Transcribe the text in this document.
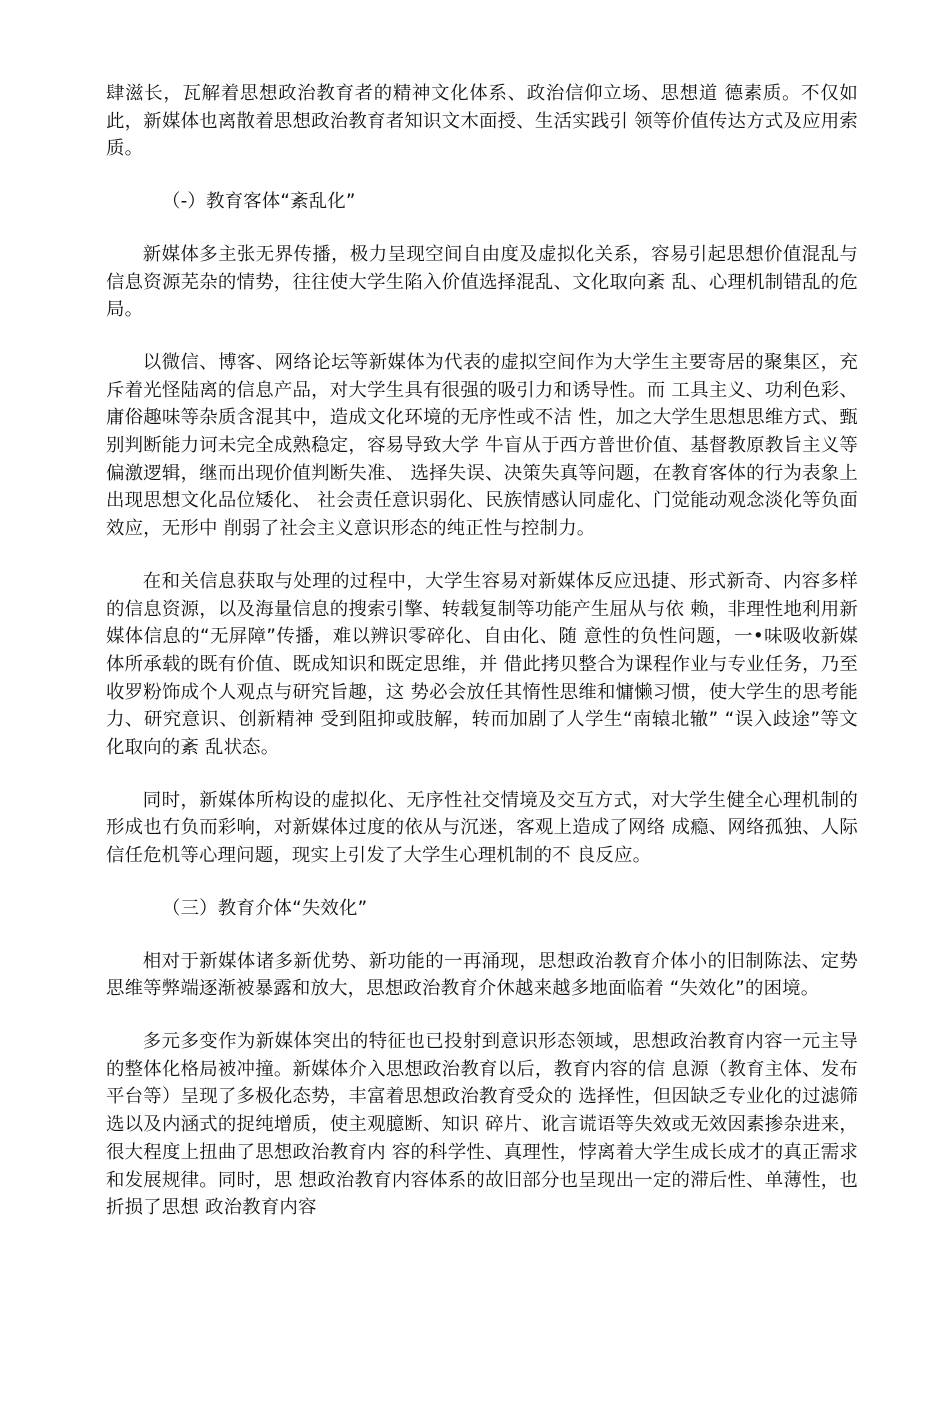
肆滋长，瓦解着思想政治教育者的精神文化体系、政治信仰立场、思想道 德素质。不仅如此，新媒体也离散着思想政治教育者知识文木面授、生活实践引 领等价值传达方式及应用索质。

（-）教育客体“紊乱化”

新媒体多主张无界传播，极力呈现空间自由度及虚拟化关系，容易引起思想价值混乱与信息资源芜杂的情势，往往使大学生陷入价值选择混乱、文化取向紊 乱、心理机制错乱的危局。

以微信、博客、网络论坛等新媒体为代表的虚拟空间作为大学生主要寄居的聚集区，充斥着光怪陆离的信息产品，对大学生具有很强的吸引力和诱导性。而 工具主义、功利色彩、庸俗趣味等杂质含混其中，造成文化环境的无序性或不洁 性，加之大学生思想思维方式、甄别判断能力诃未完全成熟稳定，容易导致大学 牛盲从于西方普世价值、基督教原教旨主义等偏激逻辑，继而出现价值判断失准、 选择失误、决策失真等问题，在教育客体的行为表象上出现思想文化品位矮化、 社会责任意识弱化、民族情感认同虚化、门觉能动观念淡化等负面效应，无形中 削弱了社会主义意识形态的纯正性与控制力。

在和关信息获取与处理的过程中，大学生容易对新媒体反应迅捷、形式新奇、内容多样的信息资源，以及海量信息的搜索引擎、转载复制等功能产生屈从与依 赖，非理性地利用新媒体信息的“无屏障”传播，难以辨识零碎化、自由化、随 意性的负性问题，一•味吸收新媒体所承载的既有价值、既成知识和既定思维，并 借此拷贝整合为课程作业与专业任务，乃至收罗粉饰成个人观点与研究旨趣，这 势必会放任其惰性思维和慵懒习惯，使大学生的思考能力、研究意识、创新精神 受到阻抑或肢解，转而加剧了人学生“南辕北辙” “误入歧途”等文化取向的紊 乱状态。

同时，新媒体所构设的虚拟化、无序性社交情境及交互方式，对大学生健全心理机制的形成也冇负而彩响，对新媒体过度的依从与沉迷，客观上造成了网络 成瘾、网络孤独、人际信任危机等心理问题，现实上引发了大学生心理机制的不 良反应。

（三）教育介体“失效化”

相对于新媒体诸多新优势、新功能的一再涌现，思想政治教育介体小的旧制陈法、定势思维等弊端逐渐被暴露和放大，思想政治教育介休越来越多地面临着 “失效化”的困境。

多元多变作为新媒体突出的特征也已投射到意识形态领域，思想政治教育内容一元主导的整体化格局被冲撞。新媒体介入思想政治教育以后，教育内容的信 息源（教育主体、发布平台等）呈现了多极化态势，丰富着思想政治教育受众的 选择性，但因缺乏专业化的过滤筛选以及内涵式的捉纯增质，使主观臆断、知识 碎片、讹言谎语等失效或无效因素掺杂进来，很大程度上扭曲了思想政治教育内 容的科学性、真理性，悖离着大学生成长成才的真正需求和发展规律。同时，思 想政治教育内容体系的故旧部分也呈现出一定的滞后性、单薄性，也折损了思想 政治教育内容
